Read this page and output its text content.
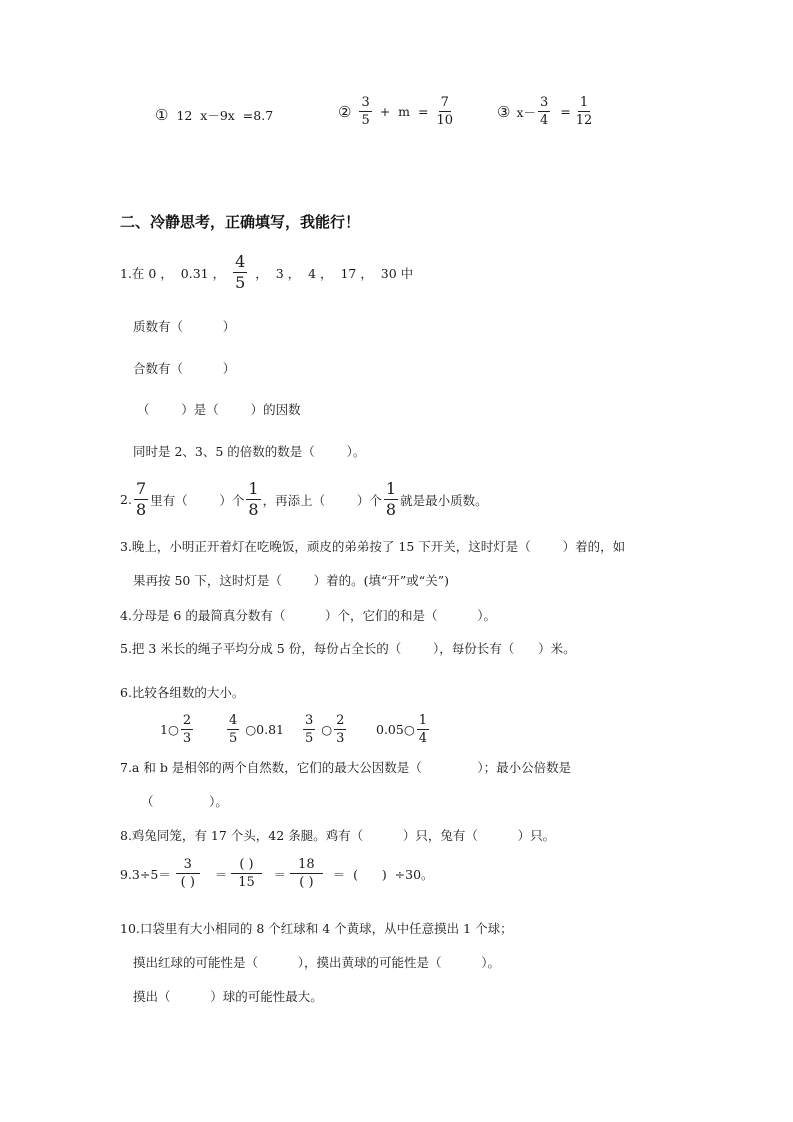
① 12  x－9x  =8.7	② $\frac{3}{5} + m = \frac{7}{10}$	③ $x- \frac{3}{4} = \frac{1}{12}$
二、冷静思考，正确填写，我能行！
1.在 0 ，  0.31 ， $\frac{4}{5}$ ，  3 ，  4 ，  17 ，  30 中
质数有（          ）
合数有（          ）
（        ）是（        ）的因数
同时是 2、3、5 的倍数的数是（        ）。
2. $\frac{7}{8}$ 里有（        ）个 $\frac{1}{8}$ ，再添上（        ）个 $\frac{1}{8}$ 就是最小质数。
3.晚上，小明正开着灯在吃晚饭，顽皮的弟弟按了 15 下开关，这时灯是（        ）着的，如
果再按 50 下，这时灯是（        ）着的。(填“开”或“关”)
4.分母是 6 的最简真分数有（          ）个，它们的和是（          ）。
5.把 3 米长的绳子平均分成 5 份，每份占全长的（        ），每份长有（      ）米。
6.比较各组数的大小。
1○ $\frac{2}{3}$	$\frac{4}{5}$ ○0.81 $\frac{3}{5}$ ○ $\frac{2}{3}$ 0.05○ $\frac{1}{4}$
7.a 和 b 是相邻的两个自然数，它们的最大公因数是（              ）；最小公倍数是
（              ）。
8.鸡兔同笼，有 17 个头，42 条腿。鸡有（          ）只，兔有（          ）只。
$9.3\div 5= \frac{3}{( )} = \frac{( )}{15} = \frac{18}{( )}$ ＝  (      )  ÷30。
10.口袋里有大小相同的 8 个红球和 4 个黄球，从中任意摸出 1 个球；
摸出红球的可能性是（          ），摸出黄球的可能性是（          ）。
摸出（          ）球的可能性最大。
